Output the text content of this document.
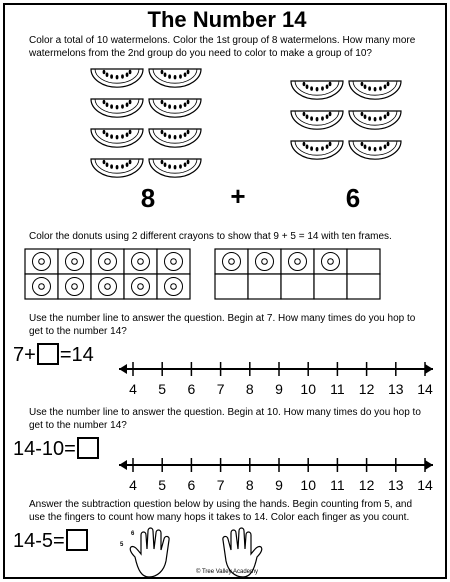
The Number 14
Color a total of 10 watermelons. Color the 1st group of 8 watermelons. How many more watermelons from the 2nd group do you need to color to make a group of 10?
8	+	6
Color the donuts using 2 different crayons to show that 9 + 5 = 14 with ten frames.
Use the number line to answer the question. Begin at 7. How many times do you hop to get to the number 14?
7+ =14
4 5 6 7 8 9 10 11 12 13 14
Use the number line to answer the question. Begin at 10. How many times do you hop to get to the number 14?
14-10=
4 5 6 7 8 9 10 11 12 13 14
Answer the subtraction question below by using the hands. Begin counting from 5, and use the fingers to count how many hops it takes to 14. Color each finger as you count.
14-5=	5
6
© Tree Valley Academy
